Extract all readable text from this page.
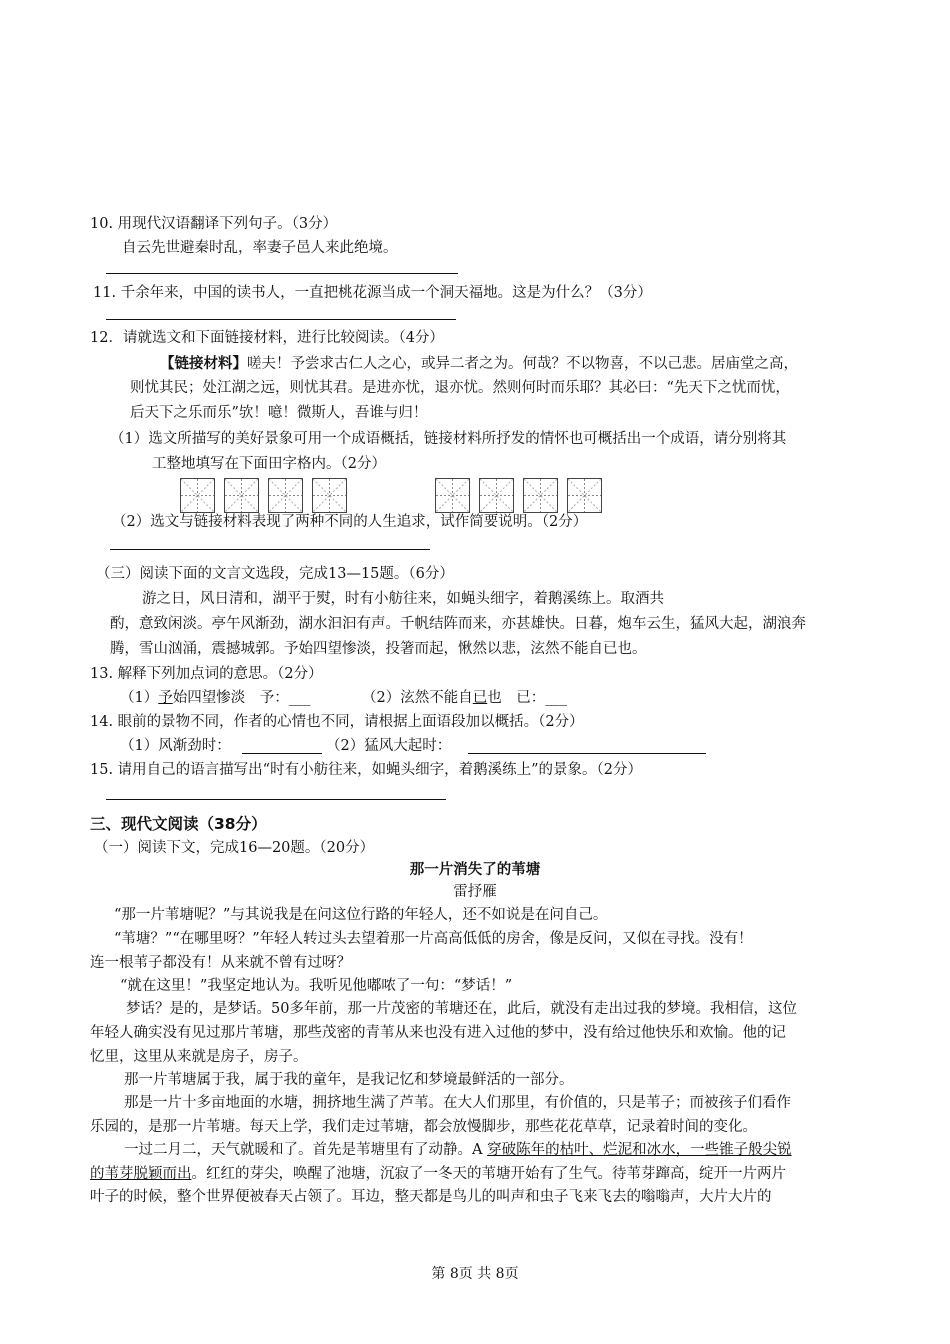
10. 用现代汉语翻译下列句子。（3分）
自云先世避秦时乱，率妻子邑人来此绝境。
11. 千余年来，中国的读书人，一直把桃花源当成一个洞天福地。这是为什么？（3分）
12．请就选文和下面链接材料，进行比较阅读。（4分）
【链接材料】嗟夫！予尝求古仁人之心，或异二者之为。何哉？不以物喜，不以己悲。居庙堂之高，
则忧其民；处江湖之远，则忧其君。是进亦忧，退亦忧。然则何时而乐耶？其必曰：“先天下之忧而忧，
后天下之乐而乐”欤！噫！微斯人，吾谁与归！
（1）选文所描写的美好景象可用一个成语概括，链接材料所抒发的情怀也可概括出一个成语，请分别将其
工整地填写在下面田字格内。（2分）
（2）选文与链接材料表现了两种不同的人生追求，试作简要说明。（2分）
（三）阅读下面的文言文选段，完成13—15题。（6分）
游之日，风日清和，湖平于熨，时有小舫往来，如蝇头细字，着鹅溪练上。取酒共
酌，意致闲淡。亭午风渐劲，湖水汩汩有声。千帆结阵而来，亦甚雄快。日暮，炮车云生，猛风大起，湖浪奔
腾，雪山汹涌，震撼城郭。予始四望惨淡，投箸而起，愀然以悲，泫然不能自已也。
13. 解释下列加点词的意思。（2分）
（1）予始四望惨淡　予：___	（2）泫然不能自已也　已：___
14. 眼前的景物不同，作者的心情也不同，请根据上面语段加以概括。（2分）
（1）风渐劲时：	（2）猛风大起时：
15. 请用自己的语言描写出“时有小舫往来，如蝇头细字，着鹅溪练上”的景象。（2分）
三、现代文阅读（38分）
（一）阅读下文，完成16—20题。（20分）
那一片消失了的苇塘
雷抒雁
“那一片苇塘呢？”与其说我是在问这位行路的年轻人，还不如说是在问自己。
“苇塘？”“在哪里呀？”年轻人转过头去望着那一片高高低低的房舍，像是反问，又似在寻找。没有！
连一根苇子都没有！从来就不曾有过呀？
“就在这里！”我坚定地认为。我听见他嘟哝了一句：“梦话！”
梦话？是的，是梦话。50多年前，那一片茂密的苇塘还在，此后，就没有走出过我的梦境。我相信，这位
年轻人确实没有见过那片苇塘，那些茂密的青苇从来也没有进入过他的梦中，没有给过他快乐和欢愉。他的记
忆里，这里从来就是房子，房子。
那一片苇塘属于我，属于我的童年，是我记忆和梦境最鲜活的一部分。
那是一片十多亩地面的水塘，拥挤地生满了芦苇。在大人们那里，有价值的，只是苇子；而被孩子们看作
乐园的，是那一片苇塘。每天上学，我们走过苇塘，都会放慢脚步，那些花花草草，记录着时间的变化。
一过二月二，天气就暖和了。首先是苇塘里有了动静。A 穿破陈年的枯叶、烂泥和冰水，一些锥子般尖锐
的苇芽脱颖而出。红红的芽尖，唤醒了池塘，沉寂了一冬天的苇塘开始有了生气。待苇芽蹿高，绽开一片两片
叶子的时候，整个世界便被春天占领了。耳边，整天都是鸟儿的叫声和虫子飞来飞去的嗡嗡声，大片大片的
第 8页 共 8页
